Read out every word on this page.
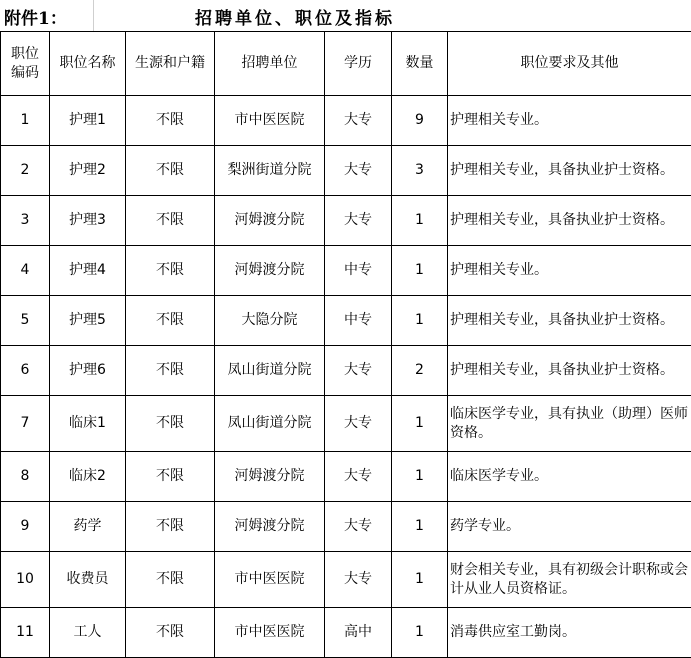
附件1：	招聘单位、职位及指标
职位编码	职位名称	生源和户籍	招聘单位	学历	数量	职位要求及其他
1	护理1	不限	市中医医院	大专	9	护理相关专业。
2	护理2	不限	梨洲街道分院	大专	3	护理相关专业，具备执业护士资格。
3	护理3	不限	河姆渡分院	大专	1	护理相关专业，具备执业护士资格。
4	护理4	不限	河姆渡分院	中专	1	护理相关专业。
5	护理5	不限	大隐分院	中专	1	护理相关专业，具备执业护士资格。
6	护理6	不限	凤山街道分院	大专	2	护理相关专业，具备执业护士资格。
7	临床1	不限	凤山街道分院	大专	1	临床医学专业，具有执业（助理）医师资格。
8	临床2	不限	河姆渡分院	大专	1	临床医学专业。
9	药学	不限	河姆渡分院	大专	1	药学专业。
10	收费员	不限	市中医医院	大专	1	财会相关专业，具有初级会计职称或会计从业人员资格证。
11	工人	不限	市中医医院	高中	1	消毒供应室工勤岗。
